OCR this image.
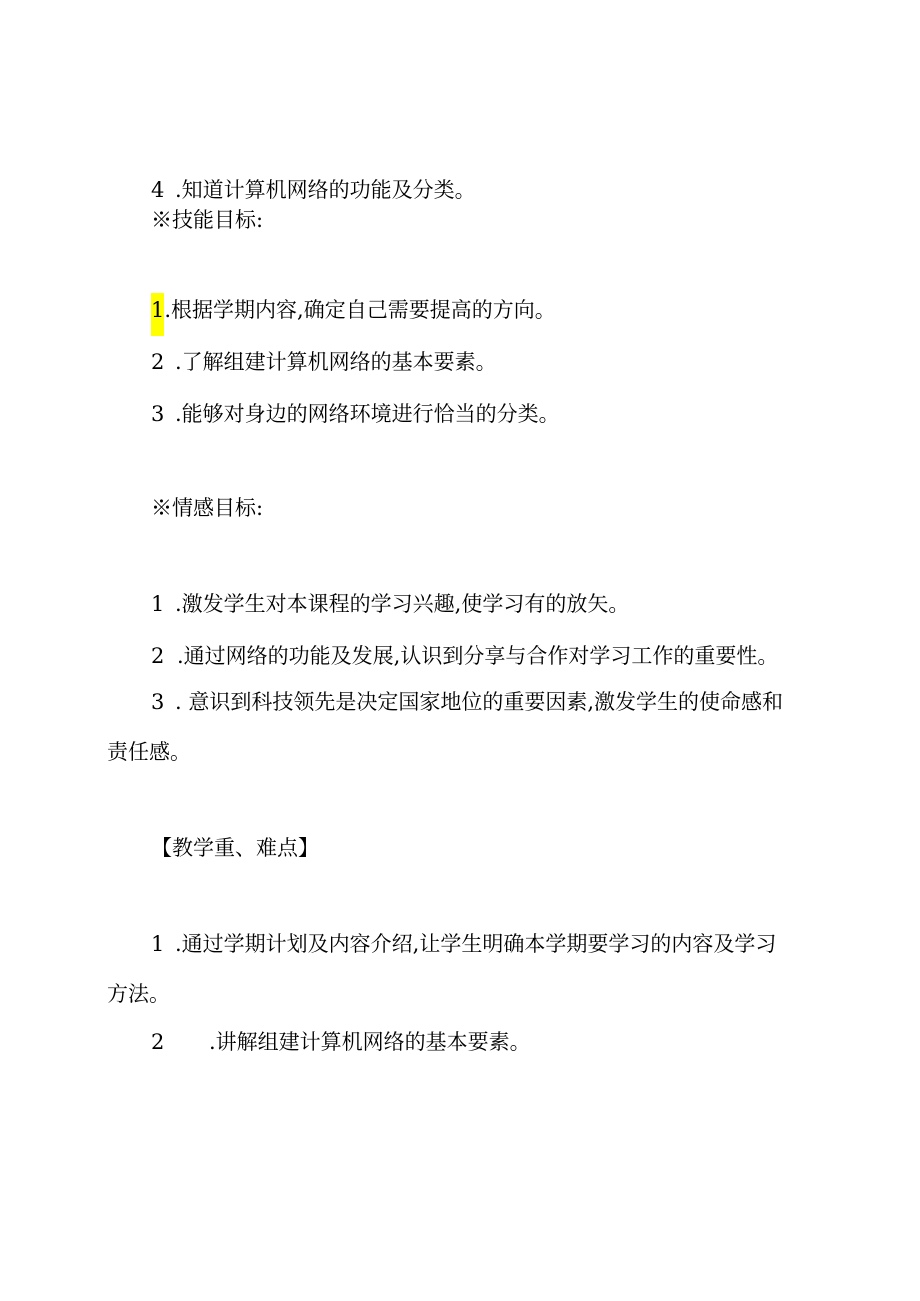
4 .知道计算机网络的功能及分类。

※技能目标:

1.根据学期内容,确定自己需要提高的方向。

2 .了解组建计算机网络的基本要素。

3 .能够对身边的网络环境进行恰当的分类。

※情感目标:

1 .激发学生对本课程的学习兴趣,使学习有的放矢。

2 .通过网络的功能及发展,认识到分享与合作对学习工作的重要性。

3 . 意识到科技领先是决定国家地位的重要因素,激发学生的使命感和

责任感。

【教学重、难点】

1 .通过学期计划及内容介绍,让学生明确本学期要学习的内容及学习

方法。

2 .讲解组建计算机网络的基本要素。
